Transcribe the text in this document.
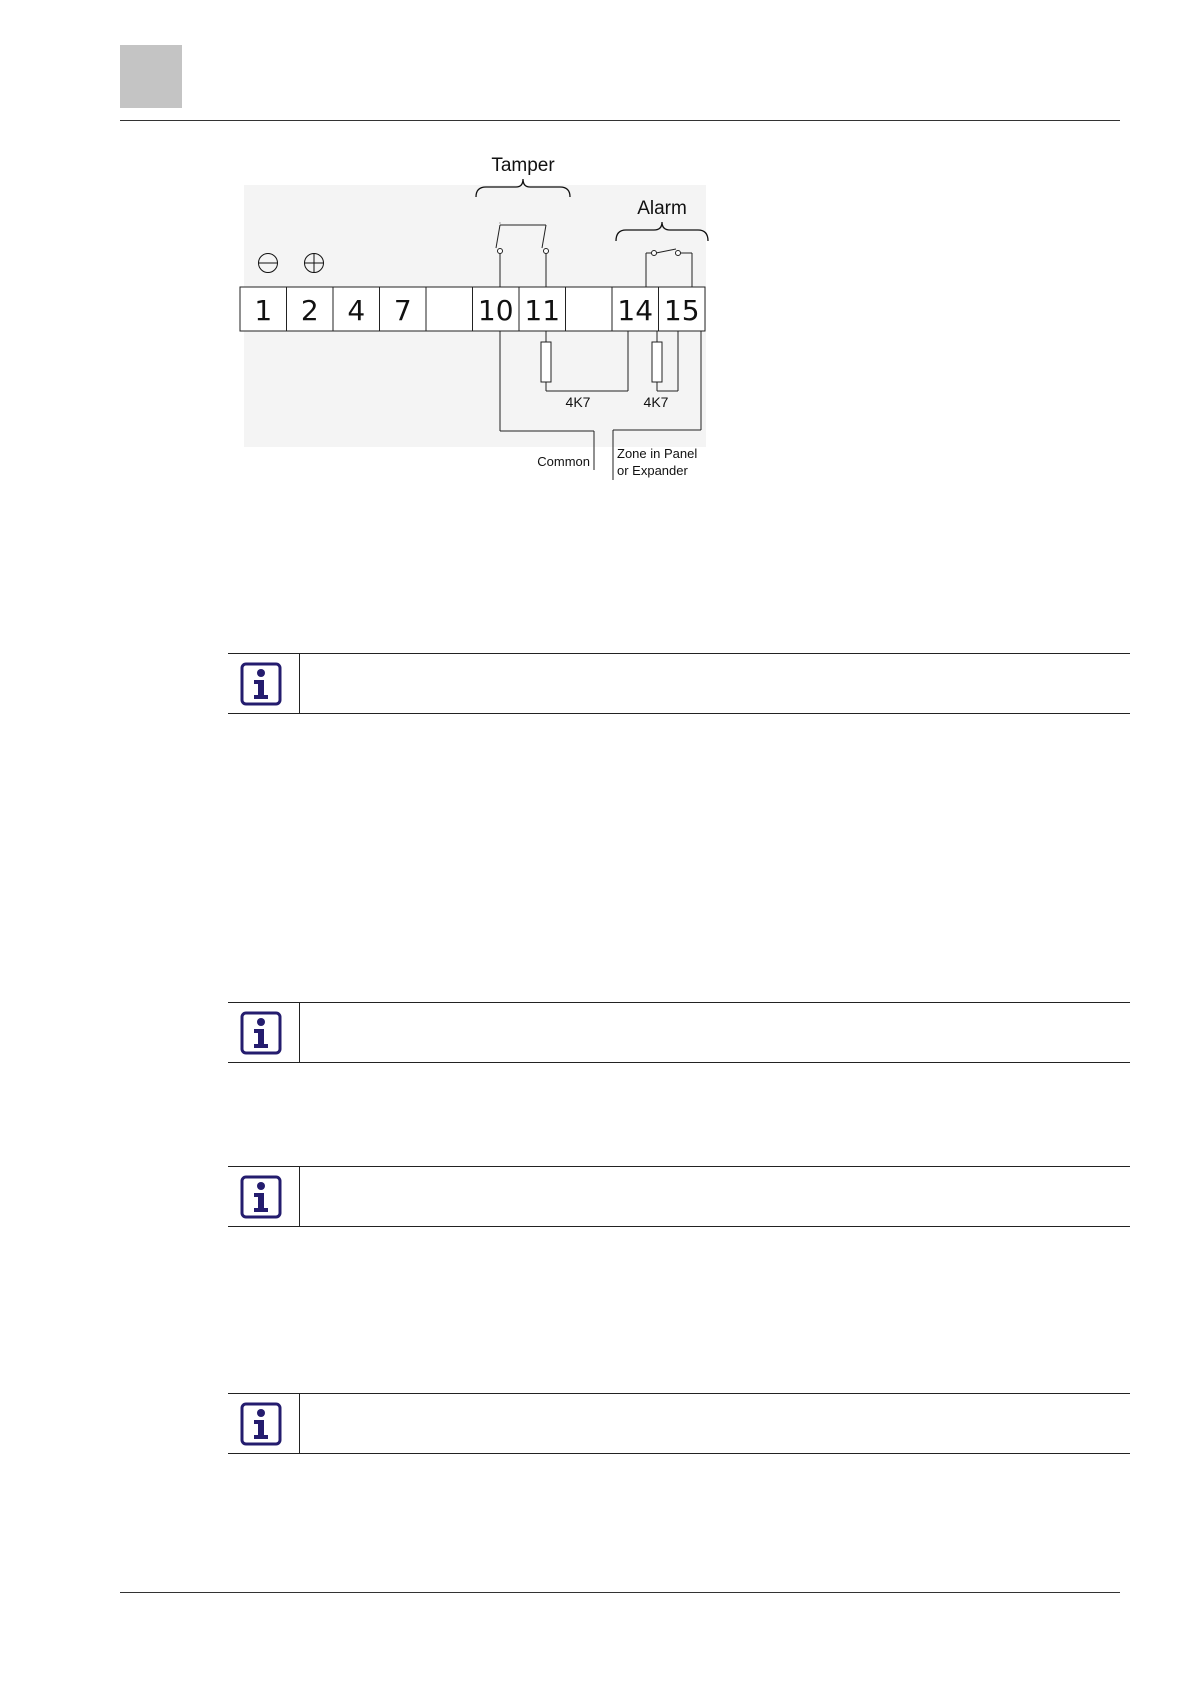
Tamper
Alarm
1 2 4 7 10 11 14 15
4K7	4K7
Common
Zone in Panel
or Expander
